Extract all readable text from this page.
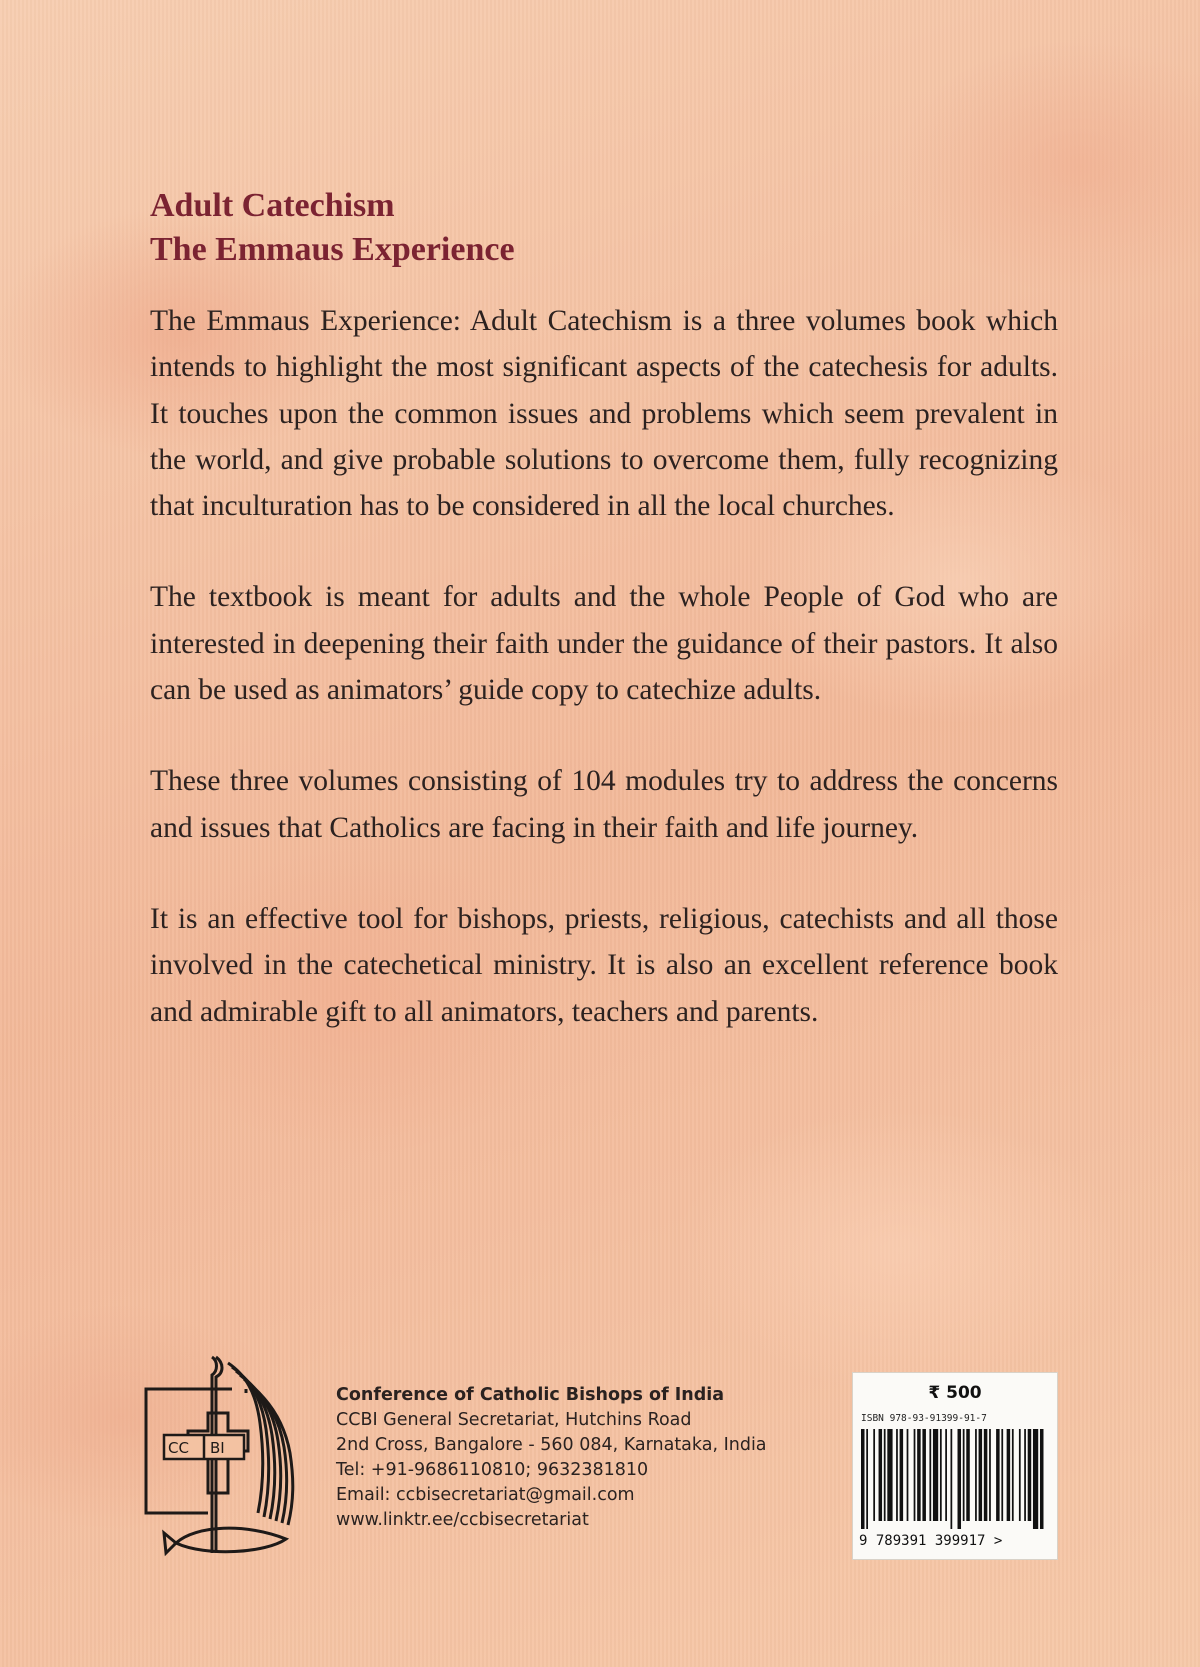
Adult Catechism
The Emmaus Experience

The Emmaus Experience: Adult Catechism is a three volumes book which intends to highlight the most significant aspects of the catechesis for adults. It touches upon the common issues and problems which seem prevalent in the world, and give probable solutions to overcome them, fully recognizing that inculturation has to be considered in all the local churches.

The textbook is meant for adults and the whole People of God who are interested in deepening their faith under the guidance of their pastors. It also can be used as animators’ guide copy to catechize adults.

These three volumes consisting of 104 modules try to address the concerns and issues that Catholics are facing in their faith and life journey.

It is an effective tool for bishops, priests, religious, catechists and all those involved in the catechetical ministry. It is also an excellent reference book and admirable gift to all animators, teachers and parents.

CC BI
Conference of Catholic Bishops of India
CCBI General Secretariat, Hutchins Road
2nd Cross, Bangalore - 560 084, Karnataka, India
Tel: +91-9686110810; 9632381810
Email: ccbisecretariat@gmail.com
www.linktr.ee/ccbisecretariat
₹ 500
ISBN 978-93-91399-91-7
9 789391 399917 >
